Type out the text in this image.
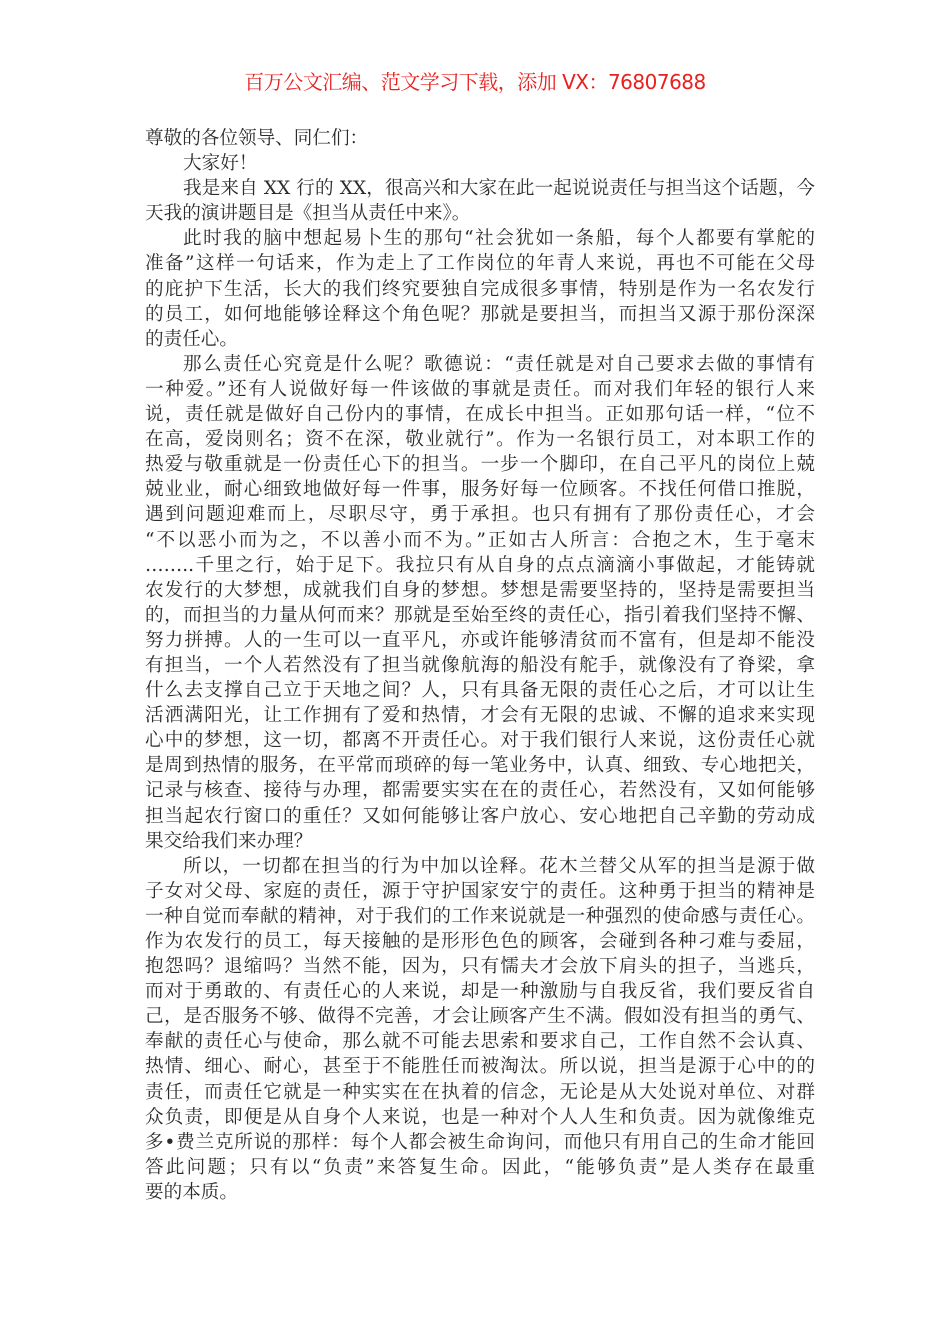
百万公文汇编、范文学习下载，添加 VX：76807688
尊敬的各位领导、同仁们：
大家好！
我是来自 XX 行的 XX，很高兴和大家在此一起说说责任与担当这个话题，今
天我的演讲题目是《担当从责任中来》。
此时我的脑中想起易卜生的那句“社会犹如一条船，每个人都要有掌舵的
准备”这样一句话来，作为走上了工作岗位的年青人来说，再也不可能在父母
的庇护下生活，长大的我们终究要独自完成很多事情，特别是作为一名农发行
的员工，如何地能够诠释这个角色呢？那就是要担当，而担当又源于那份深深
的责任心。
那么责任心究竟是什么呢？歌德说：“责任就是对自己要求去做的事情有
一种爱。”还有人说做好每一件该做的事就是责任。而对我们年轻的银行人来
说，责任就是做好自己份内的事情，在成长中担当。正如那句话一样，“位不
在高，爱岗则名；资不在深，敬业就行”。作为一名银行员工，对本职工作的
热爱与敬重就是一份责任心下的担当。一步一个脚印，在自己平凡的岗位上兢
兢业业，耐心细致地做好每一件事，服务好每一位顾客。不找任何借口推脱，
遇到问题迎难而上，尽职尽守，勇于承担。也只有拥有了那份责任心，才会
“不以恶小而为之，不以善小而不为。”正如古人所言：合抱之木，生于毫末
……..千里之行，始于足下。我拉只有从自身的点点滴滴小事做起，才能铸就
农发行的大梦想，成就我们自身的梦想。梦想是需要坚持的，坚持是需要担当
的，而担当的力量从何而来？那就是至始至终的责任心，指引着我们坚持不懈、
努力拼搏。人的一生可以一直平凡，亦或许能够清贫而不富有，但是却不能没
有担当，一个人若然没有了担当就像航海的船没有舵手，就像没有了脊梁，拿
什么去支撑自己立于天地之间？人，只有具备无限的责任心之后，才可以让生
活洒满阳光，让工作拥有了爱和热情，才会有无限的忠诚、不懈的追求来实现
心中的梦想，这一切，都离不开责任心。对于我们银行人来说，这份责任心就
是周到热情的服务，在平常而琐碎的每一笔业务中，认真、细致、专心地把关，
记录与核查、接待与办理，都需要实实在在的责任心，若然没有，又如何能够
担当起农行窗口的重任？又如何能够让客户放心、安心地把自己辛勤的劳动成
果交给我们来办理？
所以，一切都在担当的行为中加以诠释。花木兰替父从军的担当是源于做
子女对父母、家庭的责任，源于守护国家安宁的责任。这种勇于担当的精神是
一种自觉而奉献的精神，对于我们的工作来说就是一种强烈的使命感与责任心。
作为农发行的员工，每天接触的是形形色色的顾客，会碰到各种刁难与委屈，
抱怨吗？退缩吗？当然不能，因为，只有懦夫才会放下肩头的担子，当逃兵，
而对于勇敢的、有责任心的人来说，却是一种激励与自我反省，我们要反省自
己，是否服务不够、做得不完善，才会让顾客产生不满。假如没有担当的勇气、
奉献的责任心与使命，那么就不可能去思索和要求自己，工作自然不会认真、
热情、细心、耐心，甚至于不能胜任而被淘汰。所以说，担当是源于心中的的
责任，而责任它就是一种实实在在执着的信念，无论是从大处说对单位、对群
众负责，即便是从自身个人来说，也是一种对个人人生和负责。因为就像维克
多•费兰克所说的那样：每个人都会被生命询问，而他只有用自己的生命才能回
答此问题；只有以“负责”来答复生命。因此，“能够负责”是人类存在最重
要的本质。
